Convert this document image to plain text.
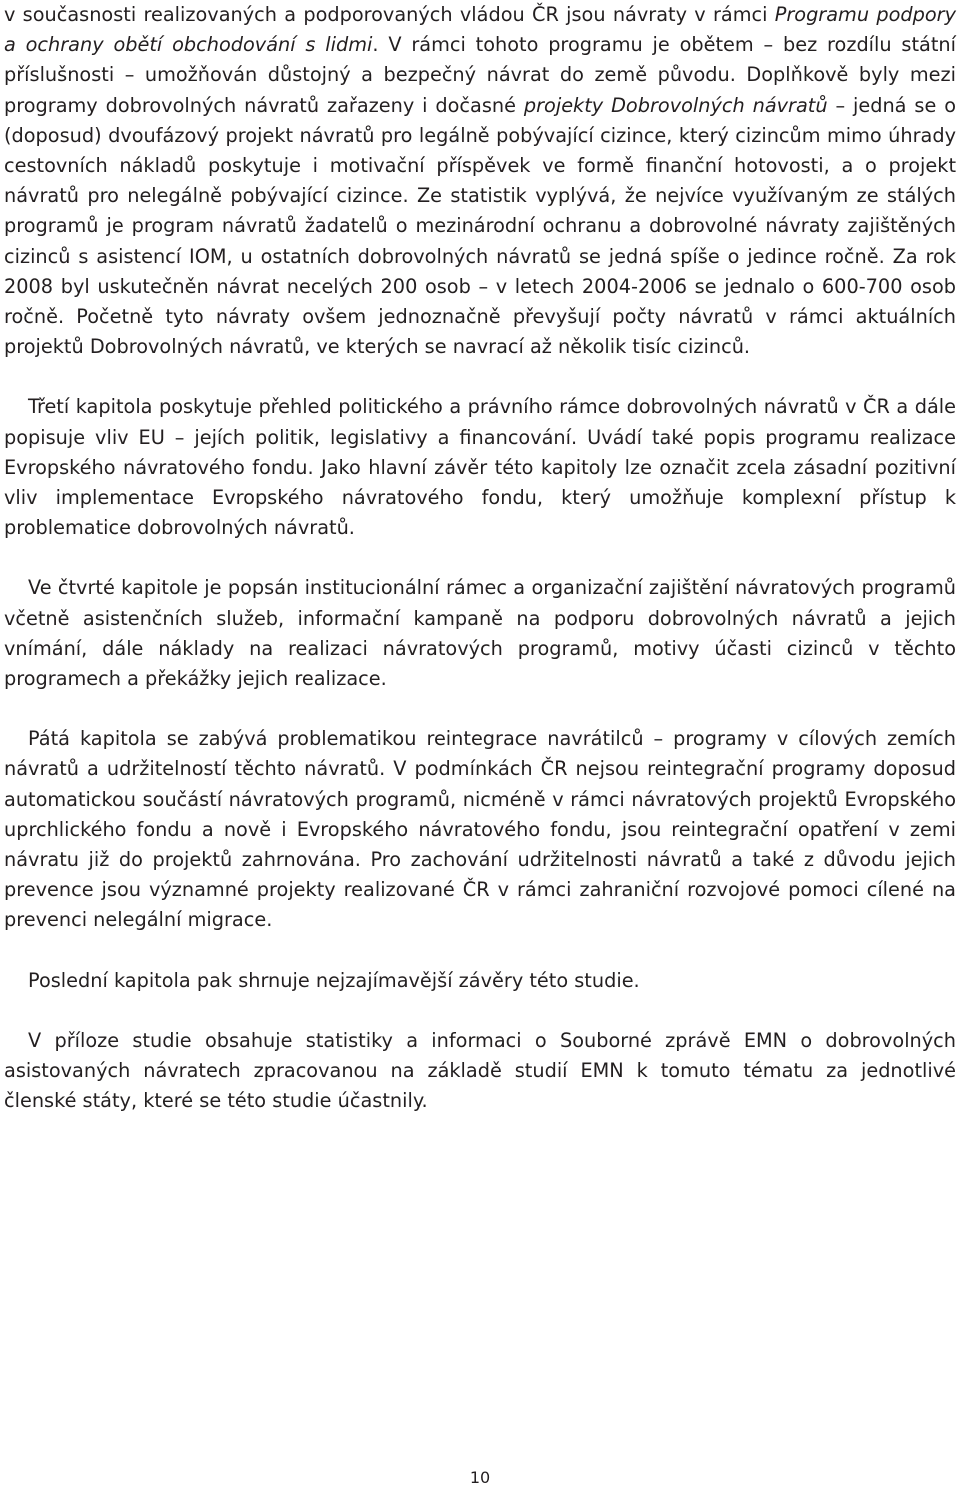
v současnosti realizovaných a podporovaných vládou ČR jsou návraty v rámci Programu podpory a ochrany obětí obchodování s lidmi. V rámci tohoto programu je obětem – bez rozdílu státní příslušnosti – umožňován důstojný a bezpečný návrat do země původu. Doplňkově byly mezi programy dobrovolných návratů zařazeny i dočasné projekty Dobrovolných návratů – jedná se o (doposud) dvoufázový projekt návratů pro legálně pobývající cizince, který cizincům mimo úhrady cestovních nákladů poskytuje i motivační příspěvek ve formě finanční hotovosti, a o projekt návratů pro nelegálně pobývající cizince. Ze statistik vyplývá, že nejvíce využívaným ze stálých programů je program návratů žadatelů o mezinárodní ochranu a dobrovolné návraty zajištěných cizinců s asistencí IOM, u ostatních dobrovolných návratů se jedná spíše o jedince ročně. Za rok 2008 byl uskutečněn návrat necelých 200 osob – v letech 2004-2006 se jednalo o 600-700 osob ročně. Početně tyto návraty ovšem jednoznačně převyšují počty návratů v rámci aktuálních projektů Dobrovolných návratů, ve kterých se navrací až několik tisíc cizinců.

Třetí kapitola poskytuje přehled politického a právního rámce dobrovolných návratů v ČR a dále popisuje vliv EU – jejích politik, legislativy a financování. Uvádí také popis programu realizace Evropského návratového fondu. Jako hlavní závěr této kapitoly lze označit zcela zásadní pozitivní vliv implementace Evropského návratového fondu, který umožňuje komplexní přístup k problematice dobrovolných návratů.

Ve čtvrté kapitole je popsán institucionální rámec a organizační zajištění návratových programů včetně asistenčních služeb, informační kampaně na podporu dobrovolných návratů a jejich vnímání, dále náklady na realizaci návratových programů, motivy účasti cizinců v těchto programech a překážky jejich realizace.

Pátá kapitola se zabývá problematikou reintegrace navrátilců – programy v cílových zemích návratů a udržitelností těchto návratů. V podmínkách ČR nejsou reintegrační programy doposud automatickou součástí návratových programů, nicméně v rámci návratových projektů Evropského uprchlického fondu a nově i Evropského návratového fondu, jsou reintegrační opatření v zemi návratu již do projektů zahrnována. Pro zachování udržitelnosti návratů a také z důvodu jejich prevence jsou významné projekty realizované ČR v rámci zahraniční rozvojové pomoci cílené na prevenci nelegální migrace.

Poslední kapitola pak shrnuje nejzajímavější závěry této studie.

V příloze studie obsahuje statistiky a informaci o Souborné zprávě EMN o dobrovolných asistovaných návratech zpracovanou na základě studií EMN k tomuto tématu za jednotlivé členské státy, které se této studie účastnily.

10
